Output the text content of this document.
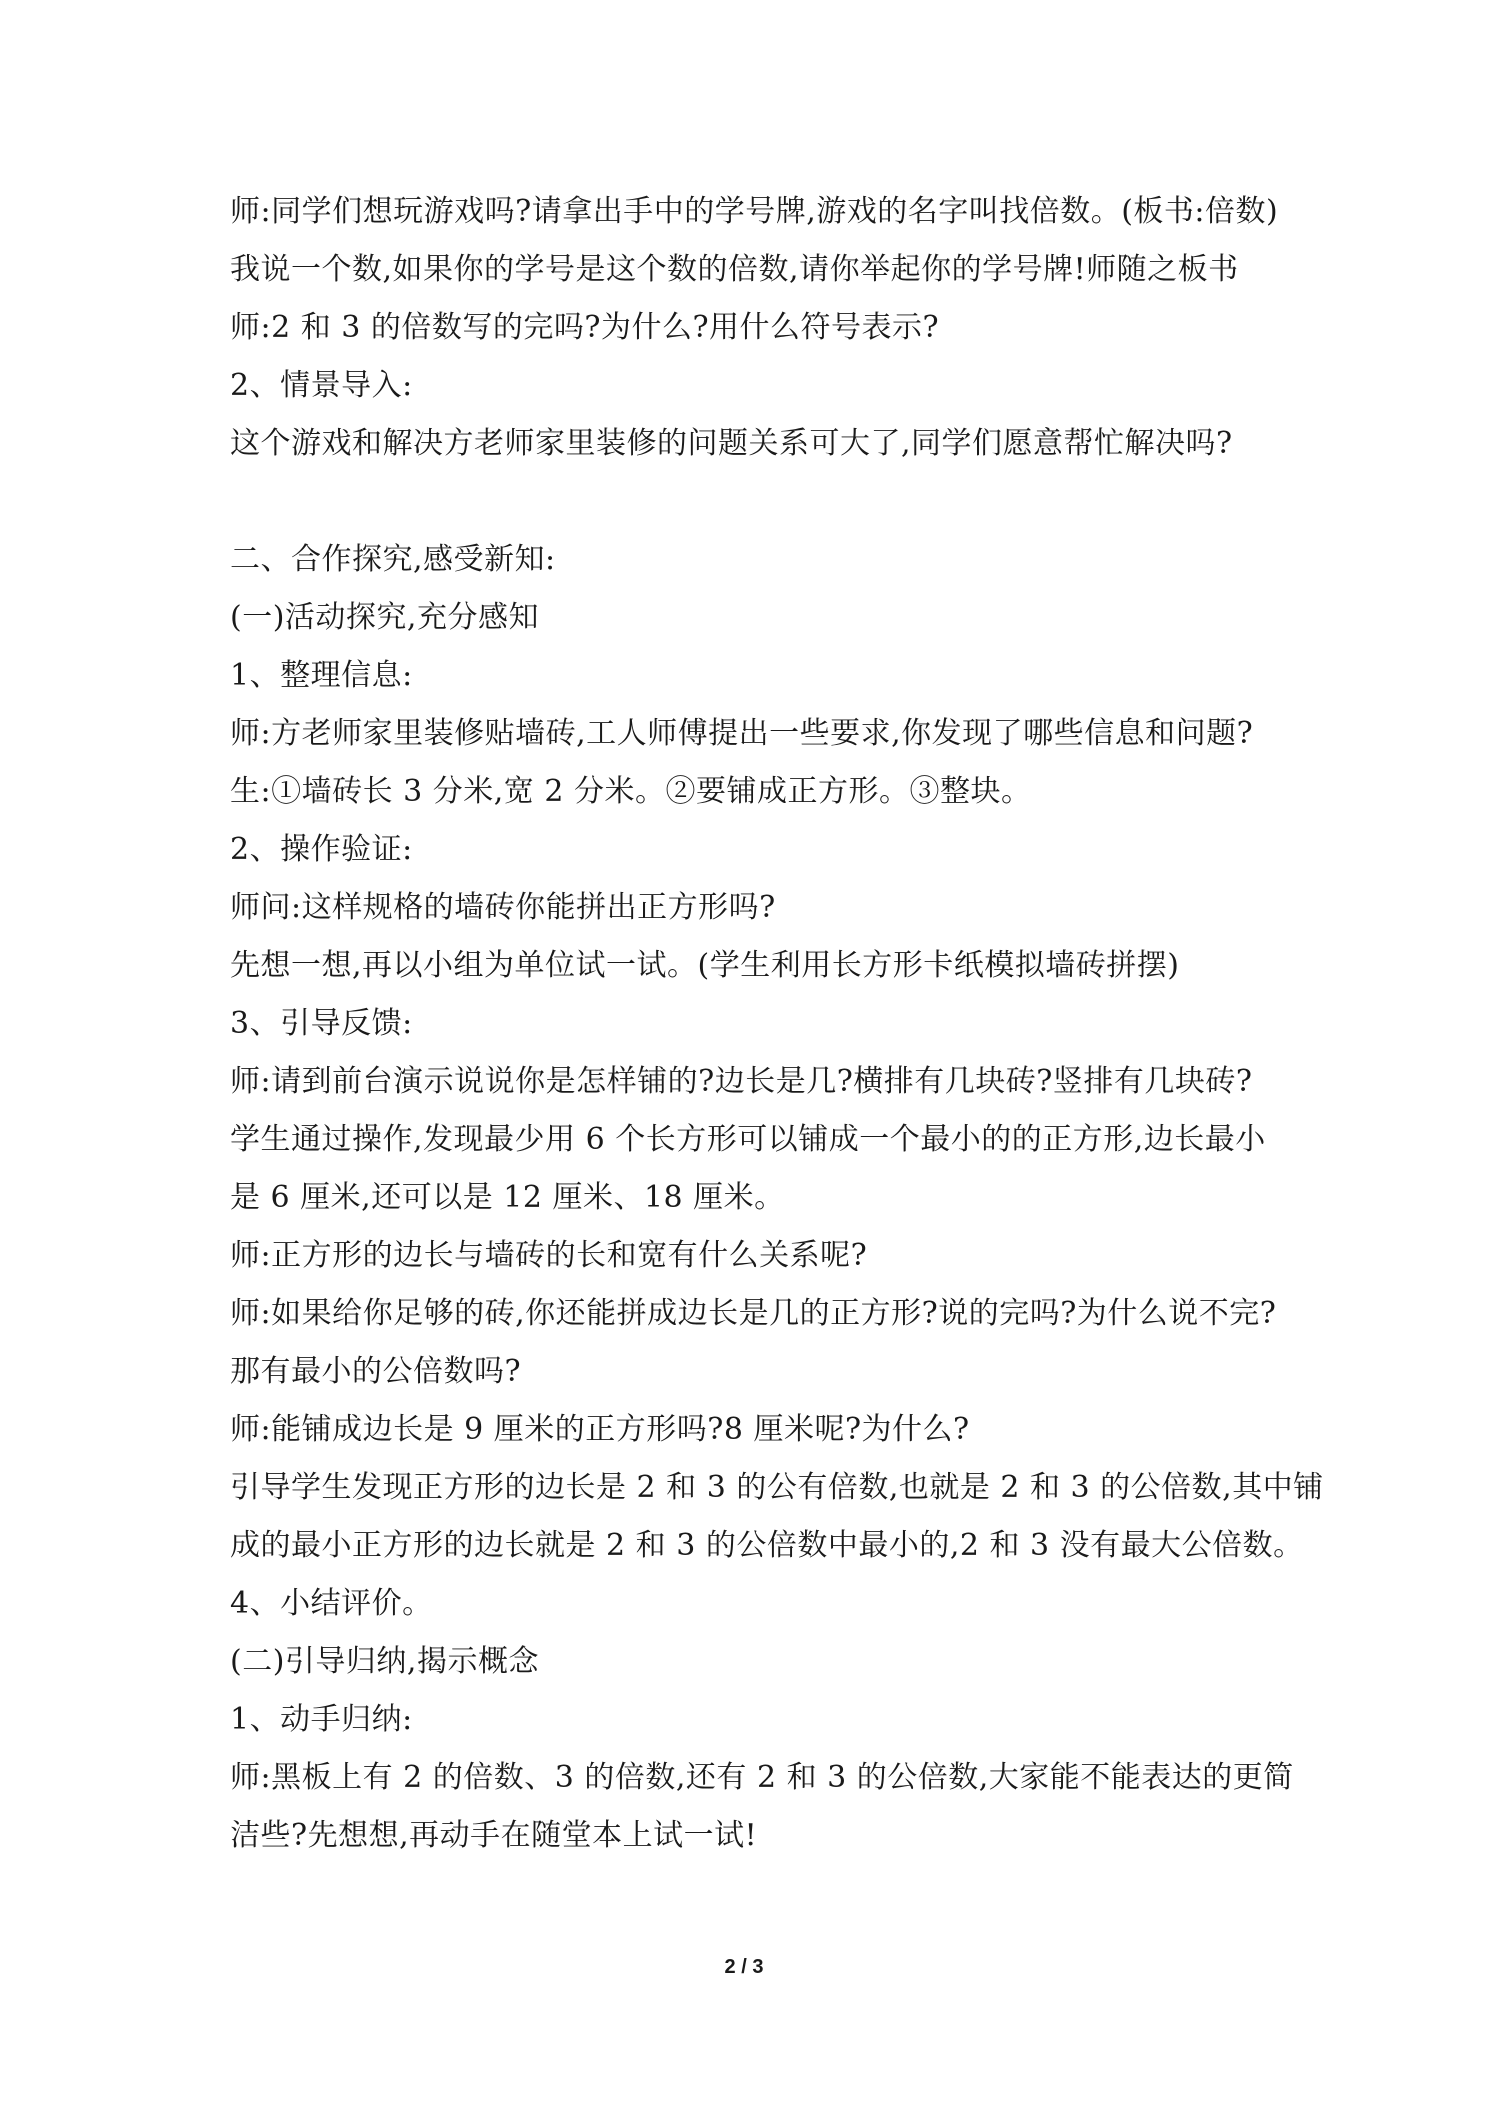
师:同学们想玩游戏吗?请拿出手中的学号牌,游戏的名字叫找倍数。(板书:倍数)
我说一个数,如果你的学号是这个数的倍数,请你举起你的学号牌!师随之板书
师:2 和 3 的倍数写的完吗?为什么?用什么符号表示?
2、情景导入:
这个游戏和解决方老师家里装修的问题关系可大了,同学们愿意帮忙解决吗?
二、合作探究,感受新知:
(一)活动探究,充分感知
1、整理信息:
师:方老师家里装修贴墙砖,工人师傅提出一些要求,你发现了哪些信息和问题?
生:①墙砖长 3 分米,宽 2 分米。②要铺成正方形。③整块。
2、操作验证:
师问:这样规格的墙砖你能拼出正方形吗?
先想一想,再以小组为单位试一试。(学生利用长方形卡纸模拟墙砖拼摆)
3、引导反馈:
师:请到前台演示说说你是怎样铺的?边长是几?横排有几块砖?竖排有几块砖?
学生通过操作,发现最少用 6 个长方形可以铺成一个最小的的正方形,边长最小
是 6 厘米,还可以是 12 厘米、18 厘米。
师:正方形的边长与墙砖的长和宽有什么关系呢?
师:如果给你足够的砖,你还能拼成边长是几的正方形?说的完吗?为什么说不完?
那有最小的公倍数吗?
师:能铺成边长是 9 厘米的正方形吗?8 厘米呢?为什么?
引导学生发现正方形的边长是 2 和 3 的公有倍数,也就是 2 和 3 的公倍数,其中铺
成的最小正方形的边长就是 2 和 3 的公倍数中最小的,2 和 3 没有最大公倍数。
4、小结评价。
(二)引导归纳,揭示概念
1、动手归纳:
师:黑板上有 2 的倍数、3 的倍数,还有 2 和 3 的公倍数,大家能不能表达的更简
洁些?先想想,再动手在随堂本上试一试!
2 / 3
